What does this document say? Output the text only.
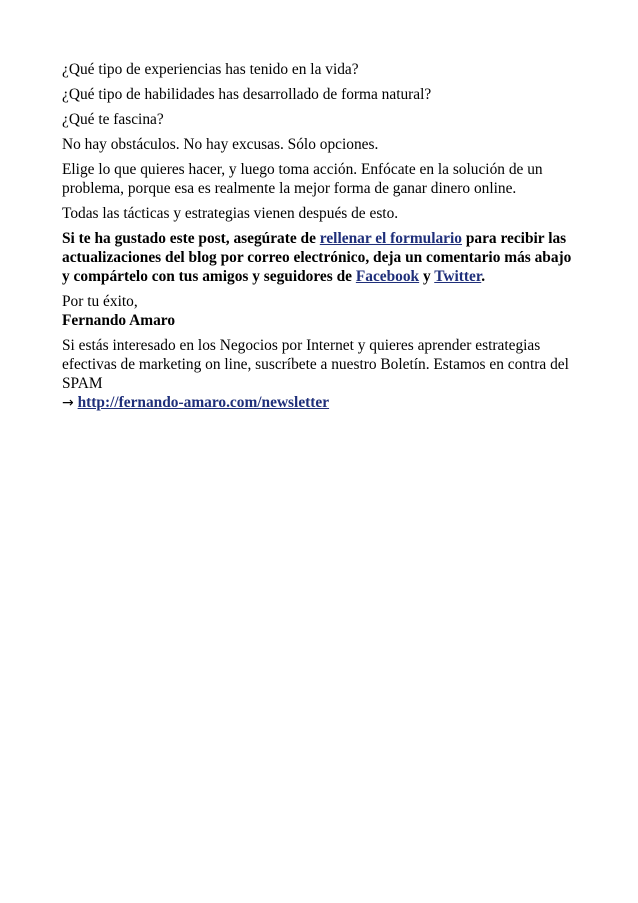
¿Qué tipo de experiencias has tenido en la vida?

¿Qué tipo de habilidades has desarrollado de forma natural?

¿Qué te fascina?

No hay obstáculos. No hay excusas. Sólo opciones.

Elige lo que quieres hacer, y luego toma acción. Enfócate en la solución de un problema, porque esa es realmente la mejor forma de ganar dinero online.

Todas las tácticas y estrategias vienen después de esto.

Si te ha gustado este post, asegúrate de rellenar el formulario para recibir las actualizaciones del blog por correo electrónico, deja un comentario más abajo y compártelo con tus amigos y seguidores de Facebook y Twitter.

Por tu éxito,
Fernando Amaro

Si estás interesado en los Negocios por Internet y quieres aprender estrategias efectivas de marketing on line, suscríbete a nuestro Boletín. Estamos en contra del SPAM
→ http://fernando-amaro.com/newsletter
